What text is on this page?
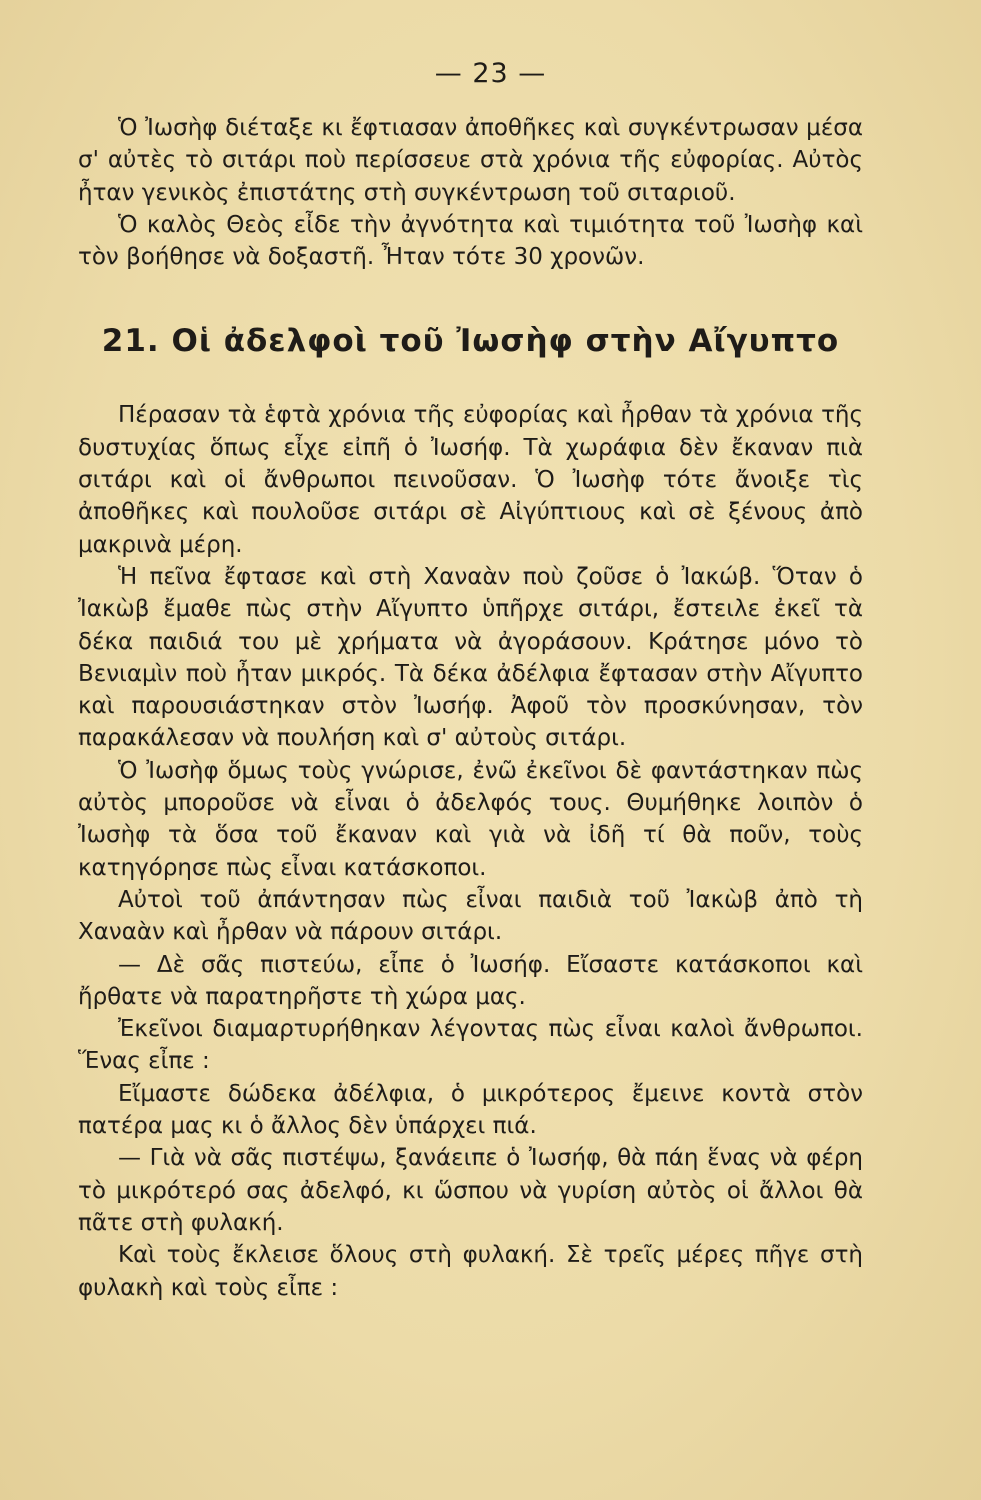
— 23 —

Ὁ Ἰωσὴφ διέταξε κι ἔφτιασαν ἀποθῆκες καὶ συγκέντρωσαν μέσα σ' αὐτὲς τὸ σιτάρι ποὺ περίσσευε στὰ χρόνια τῆς εὐφορίας. Αὐτὸς ἦταν γενικὸς ἐπιστάτης στὴ συγκέντρωση τοῦ σιταριοῦ.

Ὁ καλὸς Θεὸς εἶδε τὴν ἀγνότητα καὶ τιμιότητα τοῦ Ἰωσὴφ καὶ τὸν βοήθησε νὰ δοξαστῆ. Ἦταν τότε 30 χρονῶν.

21. Οἱ ἀδελφοὶ τοῦ Ἰωσὴφ στὴν Αἴγυπτο

Πέρασαν τὰ ἑφτὰ χρόνια τῆς εὐφορίας καὶ ἦρθαν τὰ χρόνια τῆς δυστυχίας ὅπως εἶχε εἰπῆ ὁ Ἰωσήφ. Τὰ χωράφια δὲν ἔκαναν πιὰ σιτάρι καὶ οἱ ἄνθρωποι πεινοῦσαν. Ὁ Ἰωσὴφ τότε ἄνοιξε τὶς ἀποθῆκες καὶ πουλοῦσε σιτάρι σὲ Αἰγύπτιους καὶ σὲ ξένους ἀπὸ μακρινὰ μέρη.

Ἡ πεῖνα ἔφτασε καὶ στὴ Χαναὰν ποὺ ζοῦσε ὁ Ἰακώβ. Ὅταν ὁ Ἰακὼβ ἔμαθε πὼς στὴν Αἴγυπτο ὑπῆρχε σιτάρι, ἔστειλε ἐκεῖ τὰ δέκα παιδιά του μὲ χρήματα νὰ ἀγοράσουν. Κράτησε μόνο τὸ Βενιαμὶν ποὺ ἦταν μικρός. Τὰ δέκα ἀδέλφια ἔφτασαν στὴν Αἴγυπτο καὶ παρουσιάστηκαν στὸν Ἰωσήφ. Ἀφοῦ τὸν προσκύνησαν, τὸν παρακάλεσαν νὰ πουλήση καὶ σ' αὐτοὺς σιτάρι.

Ὁ Ἰωσὴφ ὅμως τοὺς γνώρισε, ἐνῶ ἐκεῖνοι δὲ φαντάστηκαν πὼς αὐτὸς μποροῦσε νὰ εἶναι ὁ ἀδελφός τους. Θυμήθηκε λοιπὸν ὁ Ἰωσὴφ τὰ ὅσα τοῦ ἔκαναν καὶ γιὰ νὰ ἰδῆ τί θὰ ποῦν, τοὺς κατηγόρησε πὼς εἶναι κατάσκοποι.

Αὐτοὶ τοῦ ἀπάντησαν πὼς εἶναι παιδιὰ τοῦ Ἰακὼβ ἀπὸ τὴ Χαναὰν καὶ ἦρθαν νὰ πάρουν σιτάρι.

— Δὲ σᾶς πιστεύω, εἶπε ὁ Ἰωσήφ. Εἴσαστε κατάσκοποι καὶ ἤρθατε νὰ παρατηρῆστε τὴ χώρα μας.

Ἐκεῖνοι διαμαρτυρήθηκαν λέγοντας πὼς εἶναι καλοὶ ἄνθρωποι. Ἕνας εἶπε :

Εἴμαστε δώδεκα ἀδέλφια, ὁ μικρότερος ἔμεινε κοντὰ στὸν πατέρα μας κι ὁ ἄλλος δὲν ὑπάρχει πιά.

— Γιὰ νὰ σᾶς πιστέψω, ξανάειπε ὁ Ἰωσήφ, θὰ πάη ἕνας νὰ φέρη τὸ μικρότερό σας ἀδελφό, κι ὥσπου νὰ γυρίση αὐτὸς οἱ ἄλλοι θὰ πᾶτε στὴ φυλακή.

Καὶ τοὺς ἔκλεισε ὅλους στὴ φυλακή. Σὲ τρεῖς μέρες πῆγε στὴ φυλακὴ καὶ τοὺς εἶπε :
